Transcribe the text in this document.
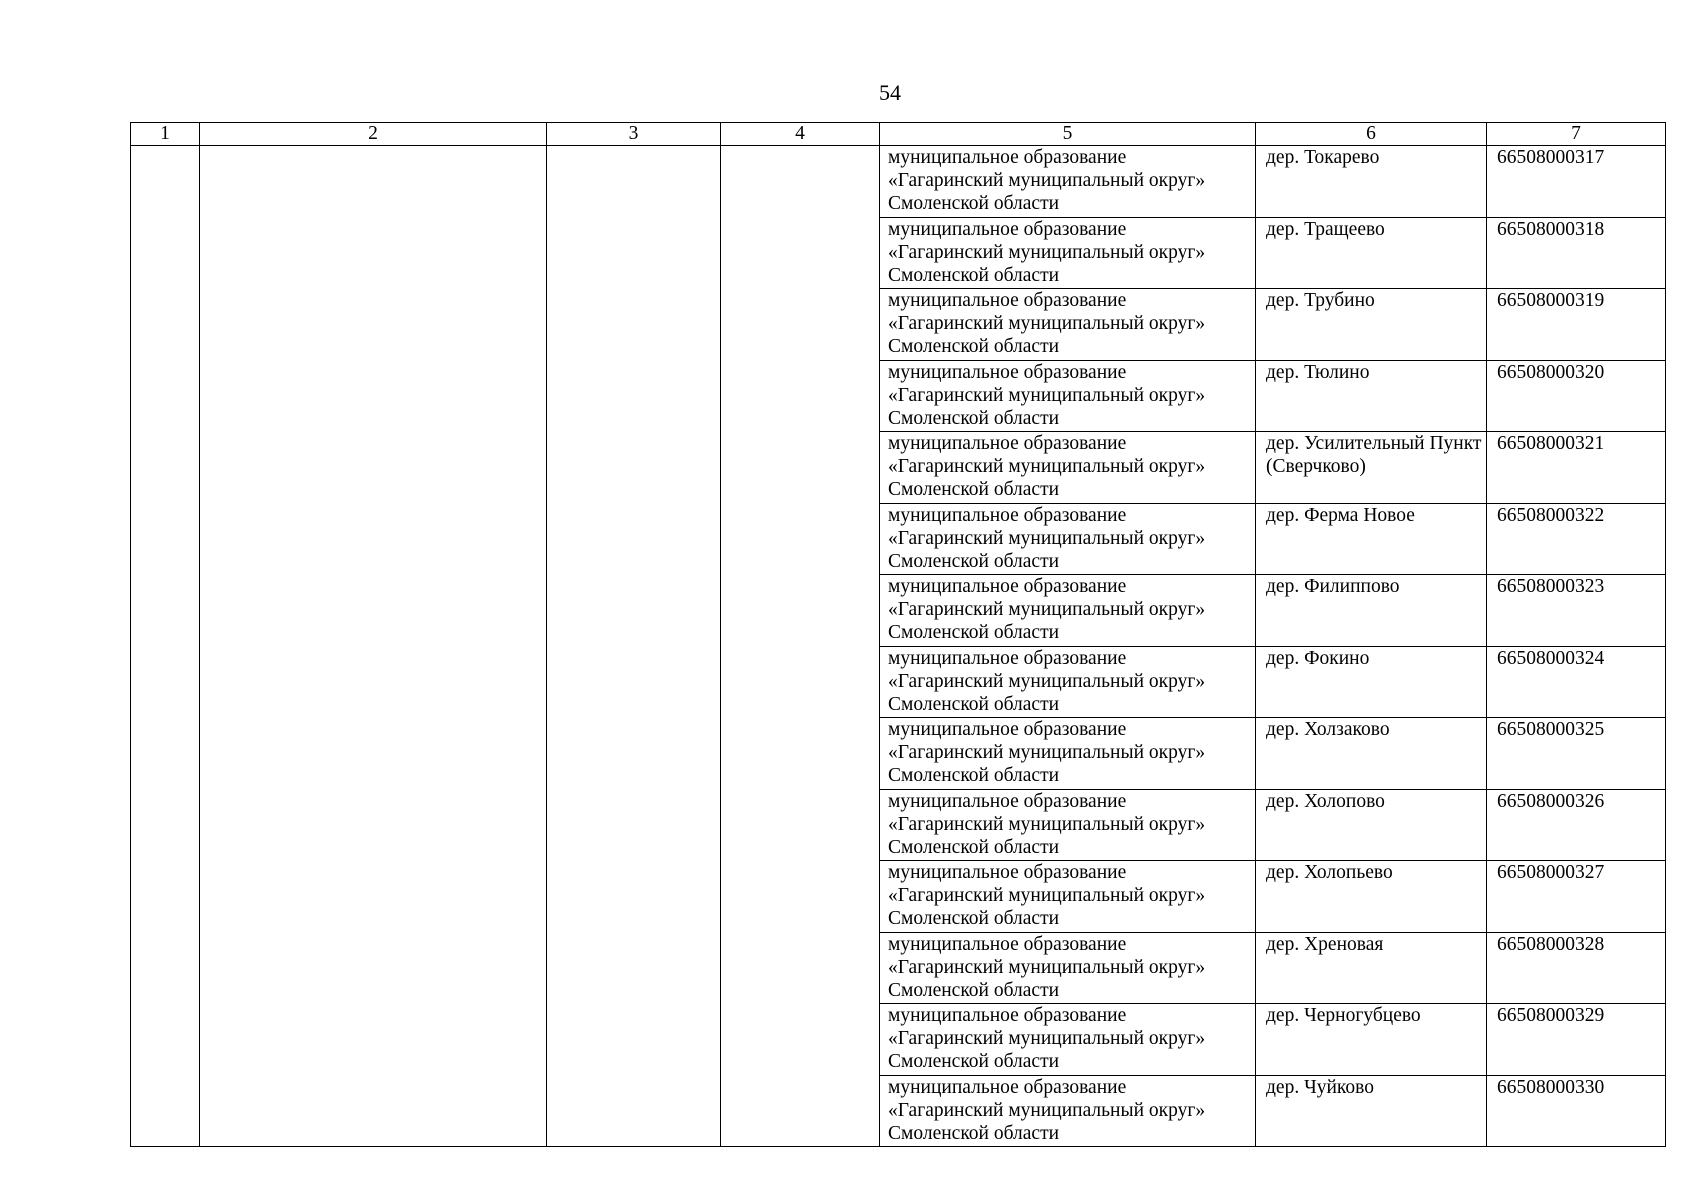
54
1	2	3	4	5	6	7

				муниципальное образование
«Гагаринский муниципальный округ»
Смоленской области	дер. Токарево	66508000317

				муниципальное образование
«Гагаринский муниципальный округ»
Смоленской области	дер. Тращеево	66508000318

				муниципальное образование
«Гагаринский муниципальный округ»
Смоленской области	дер. Трубино	66508000319

				муниципальное образование
«Гагаринский муниципальный округ»
Смоленской области	дер. Тюлино	66508000320

				муниципальное образование
«Гагаринский муниципальный округ»
Смоленской области	дер. Усилительный Пункт (Сверчково)	66508000321

				муниципальное образование
«Гагаринский муниципальный округ»
Смоленской области	дер. Ферма Новое	66508000322

				муниципальное образование
«Гагаринский муниципальный округ»
Смоленской области	дер. Филиппово	66508000323

				муниципальное образование
«Гагаринский муниципальный округ»
Смоленской области	дер. Фокино	66508000324

				муниципальное образование
«Гагаринский муниципальный округ»
Смоленской области	дер. Холзаково	66508000325

				муниципальное образование
«Гагаринский муниципальный округ»
Смоленской области	дер. Холопово	66508000326

				муниципальное образование
«Гагаринский муниципальный округ»
Смоленской области	дер. Холопьево	66508000327

				муниципальное образование
«Гагаринский муниципальный округ»
Смоленской области	дер. Хреновая	66508000328

				муниципальное образование
«Гагаринский муниципальный округ»
Смоленской области	дер. Черногубцево	66508000329

				муниципальное образование
«Гагаринский муниципальный округ»
Смоленской области	дер. Чуйково	66508000330
